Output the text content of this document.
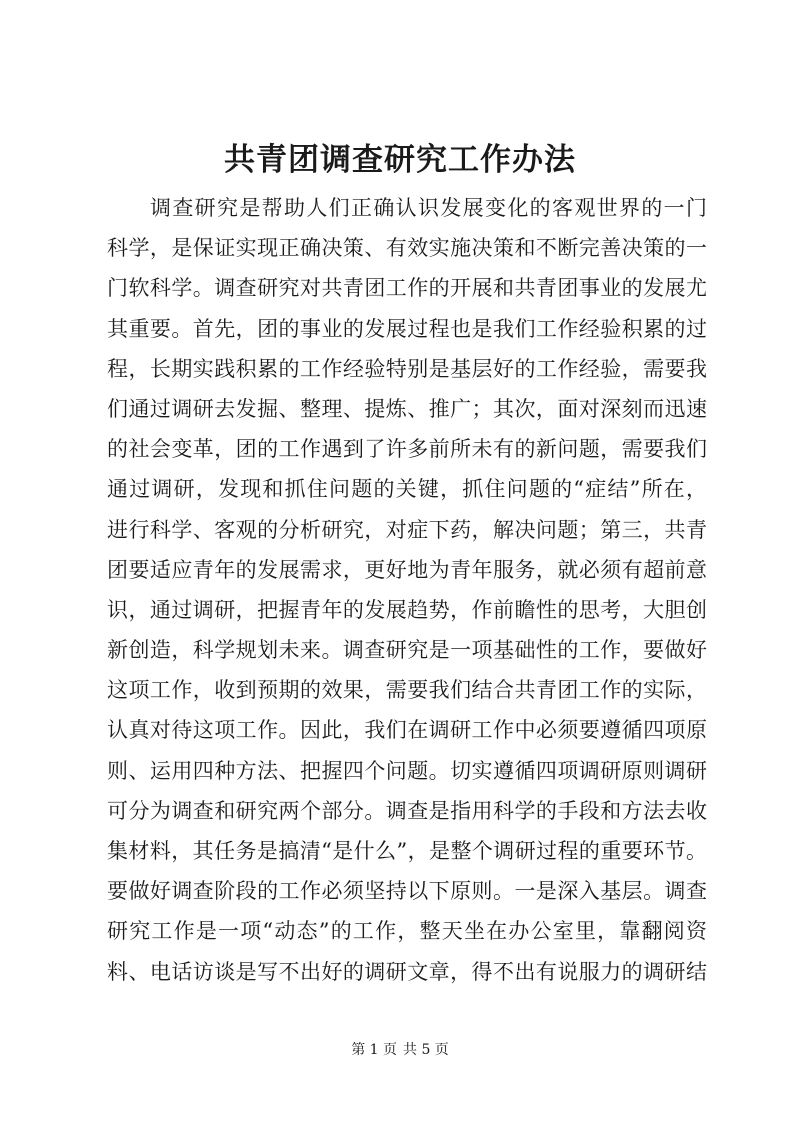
共青团调查研究工作办法
调查研究是帮助人们正确认识发展变化的客观世界的一门
科学，是保证实现正确决策、有效实施决策和不断完善决策的一
门软科学。调查研究对共青团工作的开展和共青团事业的发展尤
其重要。首先，团的事业的发展过程也是我们工作经验积累的过
程，长期实践积累的工作经验特别是基层好的工作经验，需要我
们通过调研去发掘、整理、提炼、推广；其次，面对深刻而迅速
的社会变革，团的工作遇到了许多前所未有的新问题，需要我们
通过调研，发现和抓住问题的关键，抓住问题的“症结”所在，
进行科学、客观的分析研究，对症下药，解决问题；第三，共青
团要适应青年的发展需求，更好地为青年服务，就必须有超前意
识，通过调研，把握青年的发展趋势，作前瞻性的思考，大胆创
新创造，科学规划未来。调查研究是一项基础性的工作，要做好
这项工作，收到预期的效果，需要我们结合共青团工作的实际，
认真对待这项工作。因此，我们在调研工作中必须要遵循四项原
则、运用四种方法、把握四个问题。切实遵循四项调研原则调研
可分为调查和研究两个部分。调查是指用科学的手段和方法去收
集材料，其任务是搞清“是什么”，是整个调研过程的重要环节。
要做好调查阶段的工作必须坚持以下原则。一是深入基层。调查
研究工作是一项“动态”的工作，整天坐在办公室里，靠翻阅资
料、电话访谈是写不出好的调研文章，得不出有说服力的调研结
第 1 页 共 5 页
